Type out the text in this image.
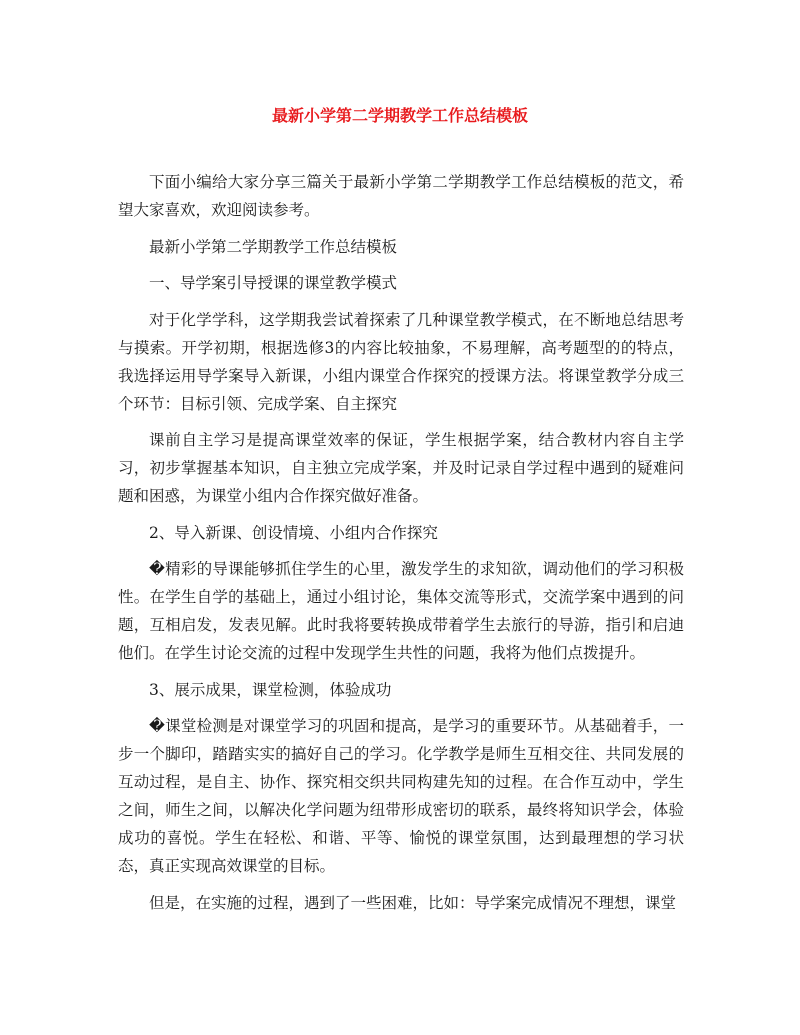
最新小学第二学期教学工作总结模板

下面小编给大家分享三篇关于最新小学第二学期教学工作总结模板的范文，希望大家喜欢，欢迎阅读参考。

最新小学第二学期教学工作总结模板

一、导学案引导授课的课堂教学模式

对于化学学科，这学期我尝试着探索了几种课堂教学模式，在不断地总结思考与摸索。开学初期，根据选修3的内容比较抽象，不易理解，高考题型的的特点，我选择运用导学案导入新课，小组内课堂合作探究的授课方法。将课堂教学分成三个环节：目标引领、完成学案、自主探究

课前自主学习是提高课堂效率的保证，学生根据学案，结合教材内容自主学习，初步掌握基本知识，自主独立完成学案，并及时记录自学过程中遇到的疑难问题和困惑，为课堂小组内合作探究做好准备。

2、导入新课、创设情境、小组内合作探究

�精彩的导课能够抓住学生的心里，激发学生的求知欲，调动他们的学习积极性。在学生自学的基础上，通过小组讨论，集体交流等形式，交流学案中遇到的问题，互相启发，发表见解。此时我将要转换成带着学生去旅行的导游，指引和启迪他们。在学生讨论交流的过程中发现学生共性的问题，我将为他们点拨提升。

3、展示成果，课堂检测，体验成功

�课堂检测是对课堂学习的巩固和提高，是学习的重要环节。从基础着手，一步一个脚印，踏踏实实的搞好自己的学习。化学教学是师生互相交往、共同发展的互动过程，是自主、协作、探究相交织共同构建先知的过程。在合作互动中，学生之间，师生之间，以解决化学问题为纽带形成密切的联系，最终将知识学会，体验成功的喜悦。学生在轻松、和谐、平等、愉悦的课堂氛围，达到最理想的学习状态，真正实现高效课堂的目标。

但是，在实施的过程，遇到了一些困难，比如：导学案完成情况不理想，课堂
